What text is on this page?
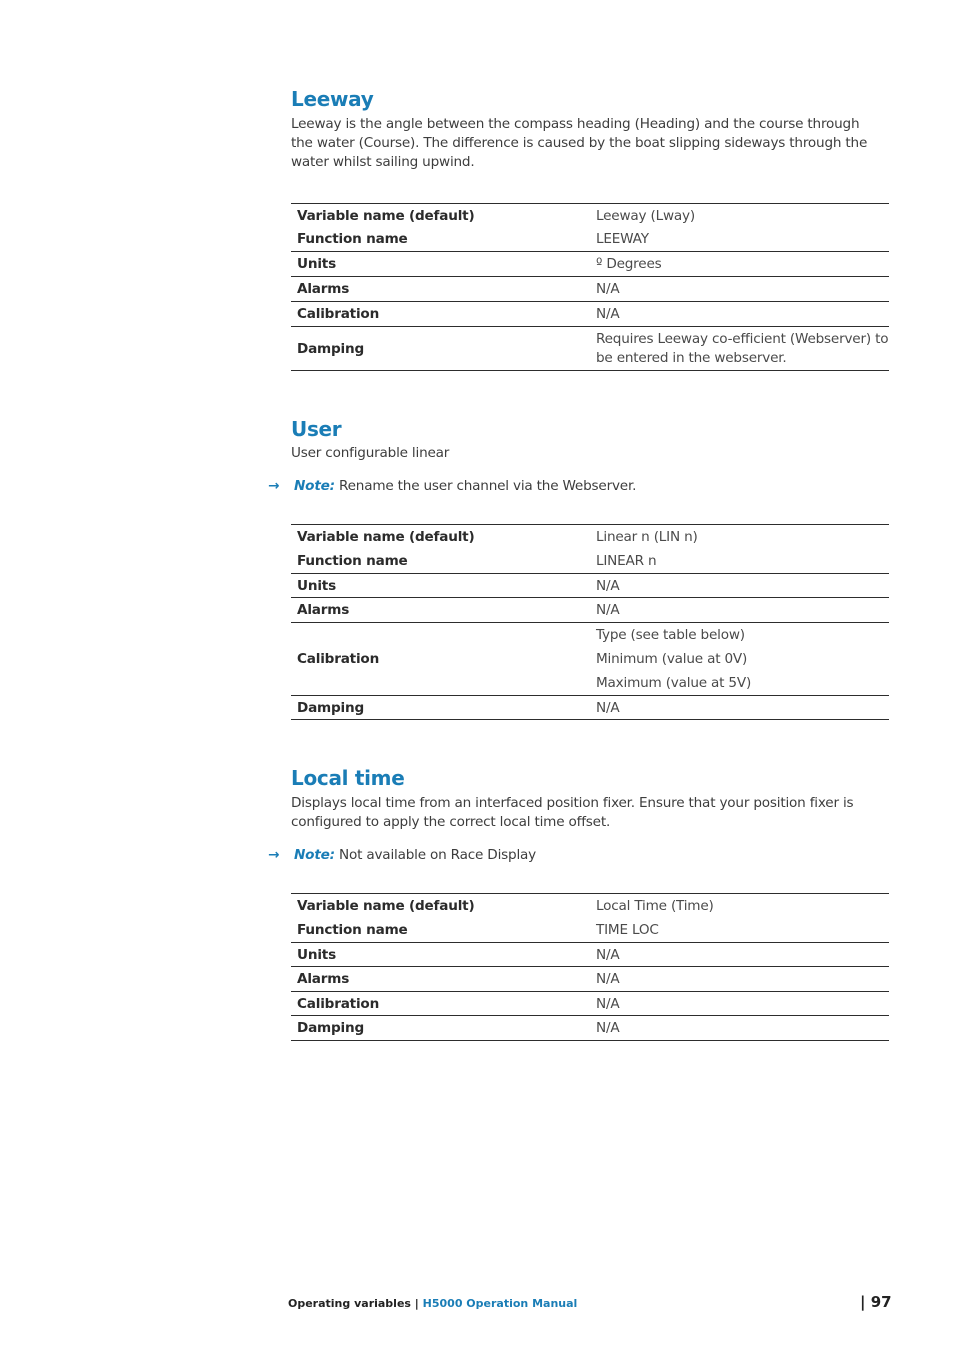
Leeway

Leeway is the angle between the compass heading (Heading) and the course through the water (Course). The difference is caused by the boat slipping sideways through the water whilst sailing upwind.

Variable name (default)	Leeway (Lway)
Function name	LEEWAY
Units	º Degrees
Alarms	N/A
Calibration	N/A
Damping	Requires Leeway co-efficient (Webserver) to
be entered in the webserver.
User

User configurable linear

→ Note: Rename the user channel via the Webserver.
Variable name (default)	Linear n (LIN n)
Function name	LINEAR n
Units	N/A
Alarms	N/A
Calibration	Type (see table below)
Minimum (value at 0V)
Maximum (value at 5V)

Damping	N/A
Local time

Displays local time from an interfaced position fixer. Ensure that your position fixer is configured to apply the correct local time offset.

→ Note: Not available on Race Display
Variable name (default)	Local Time (Time)
Function name	TIME LOC
Units	N/A
Alarms	N/A
Calibration	N/A
Damping	N/A
Operating variables | H5000 Operation Manual	| 97
